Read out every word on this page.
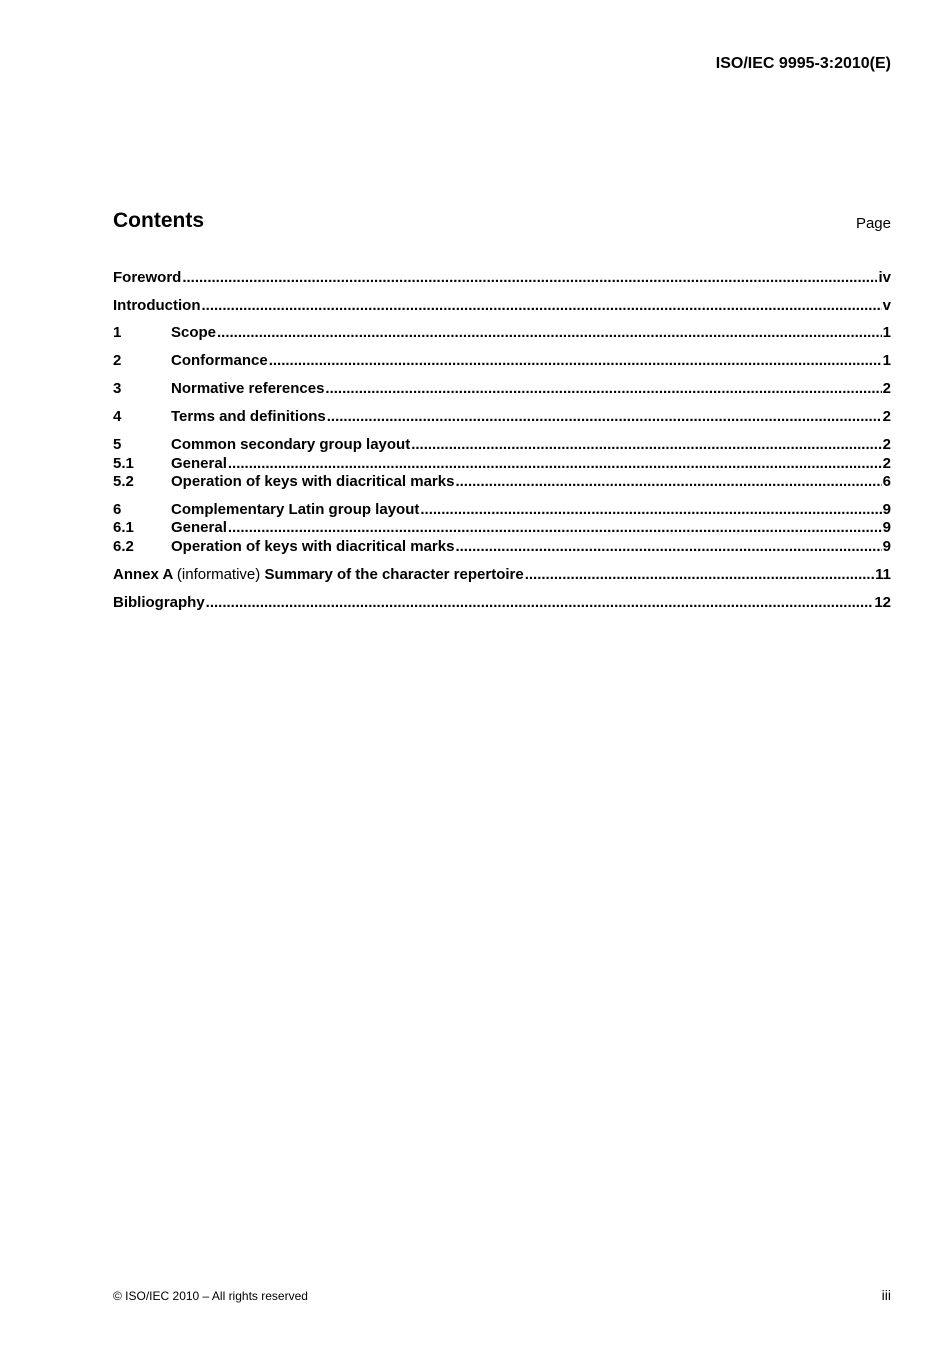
ISO/IEC 9995-3:2010(E)
Contents	Page
Foreword .....	iv
Introduction .....	v
1	Scope .....	1
2	Conformance .....	1
3	Normative references .....	2
4	Terms and definitions .....	2
5	Common secondary group layout .....	2
5.1	General .....	2
5.2	Operation of keys with diacritical marks .....	6
6	Complementary Latin group layout .....	9
6.1	General .....	9
6.2	Operation of keys with diacritical marks .....	9
Annex A (informative) Summary of the character repertoire .....	11
Bibliography .....	12
© ISO/IEC 2010 – All rights reserved	iii
